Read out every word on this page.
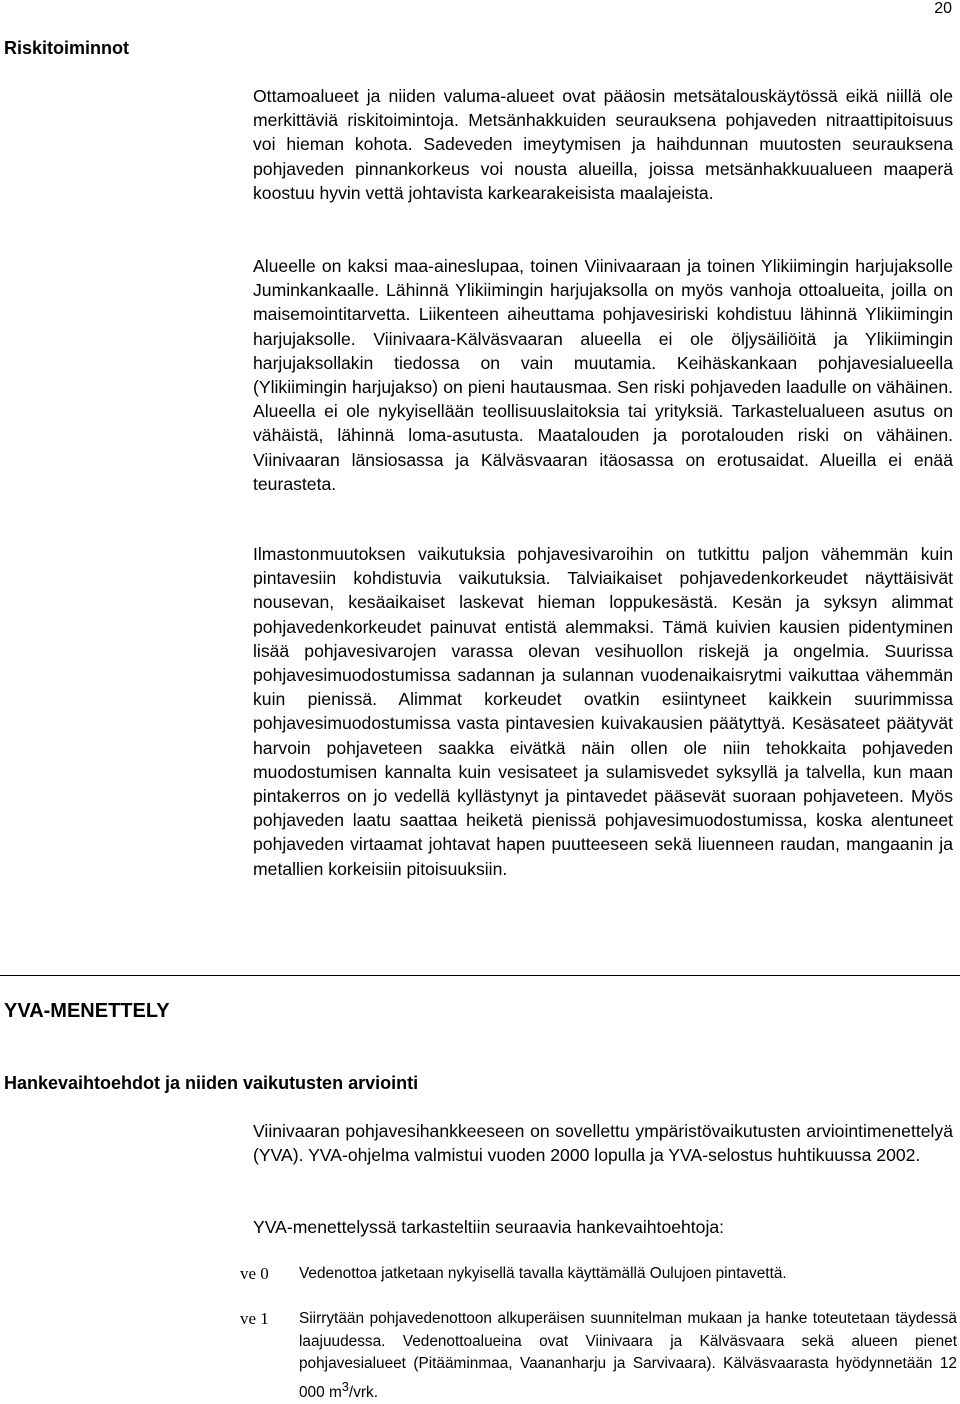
20
Riskitoiminnot

Ottamoalueet ja niiden valuma-alueet ovat pääosin metsätalouskäytössä eikä niillä ole merkittäviä riskitoimintoja. Metsänhakkuiden seurauksena pohjaveden nitraattipitoisuus voi hieman kohota. Sadeveden imeytymisen ja haihdunnan muutosten seurauksena pohjaveden pinnankorkeus voi nousta alueilla, joissa metsänhakkuualueen maaperä koostuu hyvin vettä johtavista karkearakeisista maalajeista.

Alueelle on kaksi maa-aineslupaa, toinen Viinivaaraan ja toinen Ylikiimingin harjujaksolle Juminkankaalle. Lähinnä Ylikiimingin harjujaksolla on myös vanhoja ottoalueita, joilla on maisemointitarvetta. Liikenteen aiheuttama pohjavesiriski kohdistuu lähinnä Ylikiimingin harjujaksolle. Viinivaara-Kälväsvaaran alueella ei ole öljysäiliöitä ja Ylikiimingin harjujaksollakin tiedossa on vain muutamia. Keihäskankaan pohjavesialueella (Ylikiimingin harjujakso) on pieni hautausmaa. Sen riski pohjaveden laadulle on vähäinen. Alueella ei ole nykyisellään teollisuuslaitoksia tai yrityksiä. Tarkastelualueen asutus on vähäistä, lähinnä loma-asutusta. Maatalouden ja porotalouden riski on vähäinen. Viinivaaran länsiosassa ja Kälväsvaaran itäosassa on erotusaidat. Alueilla ei enää teurasteta.

Ilmastonmuutoksen vaikutuksia pohjavesivaroihin on tutkittu paljon vähemmän kuin pintavesiin kohdistuvia vaikutuksia. Talviaikaiset pohjavedenkorkeudet näyttäisivät nousevan, kesäaikaiset laskevat hieman loppukesästä. Kesän ja syksyn alimmat pohjavedenkorkeudet painuvat entistä alemmaksi. Tämä kuivien kausien pidentyminen lisää pohjavesivarojen varassa olevan vesihuollon riskejä ja ongelmia. Suurissa pohjavesimuodostumissa sadannan ja sulannan vuodenaikaisrytmi vaikuttaa vähemmän kuin pienissä. Alimmat korkeudet ovatkin esiintyneet kaikkein suurimmissa pohjavesimuodostumissa vasta pintavesien kuivakausien päätyttyä. Kesäsateet päätyvät harvoin pohjaveteen saakka eivätkä näin ollen ole niin tehokkaita pohjaveden muodostumisen kannalta kuin vesisateet ja sulamisvedet syksyllä ja talvella, kun maan pintakerros on jo vedellä kyllästynyt ja pintavedet pääsevät suoraan pohjaveteen. Myös pohjaveden laatu saattaa heiketä pienissä pohjavesimuodostumissa, koska alentuneet pohjaveden virtaamat johtavat hapen puutteeseen sekä liuenneen raudan, mangaanin ja metallien korkeisiin pitoisuuksiin.

YVA-MENETTELY
Hankevaihtoehdot ja niiden vaikutusten arviointi

Viinivaaran pohjavesihankkeeseen on sovellettu ympäristövaikutusten arviointimenettelyä (YVA). YVA-ohjelma valmistui vuoden 2000 lopulla ja YVA-selostus huhtikuussa 2002.

YVA-menettelyssä tarkasteltiin seuraavia hankevaihtoehtoja:

ve 0 Vedenottoa jatketaan nykyisellä tavalla käyttämällä Oulujoen pintavettä.

ve 1 Siirrytään pohjavedenottoon alkuperäisen suunnitelman mukaan ja hanke toteutetaan täydessä laajuudessa. Vedenottoalueina ovat Viinivaara ja Kälväsvaara sekä alueen pienet pohjavesialueet (Pitääminmaa, Vaananharju ja Sarvivaara). Kälväsvaarasta hyödynnetään 12 000 $m^3$/vrk.
